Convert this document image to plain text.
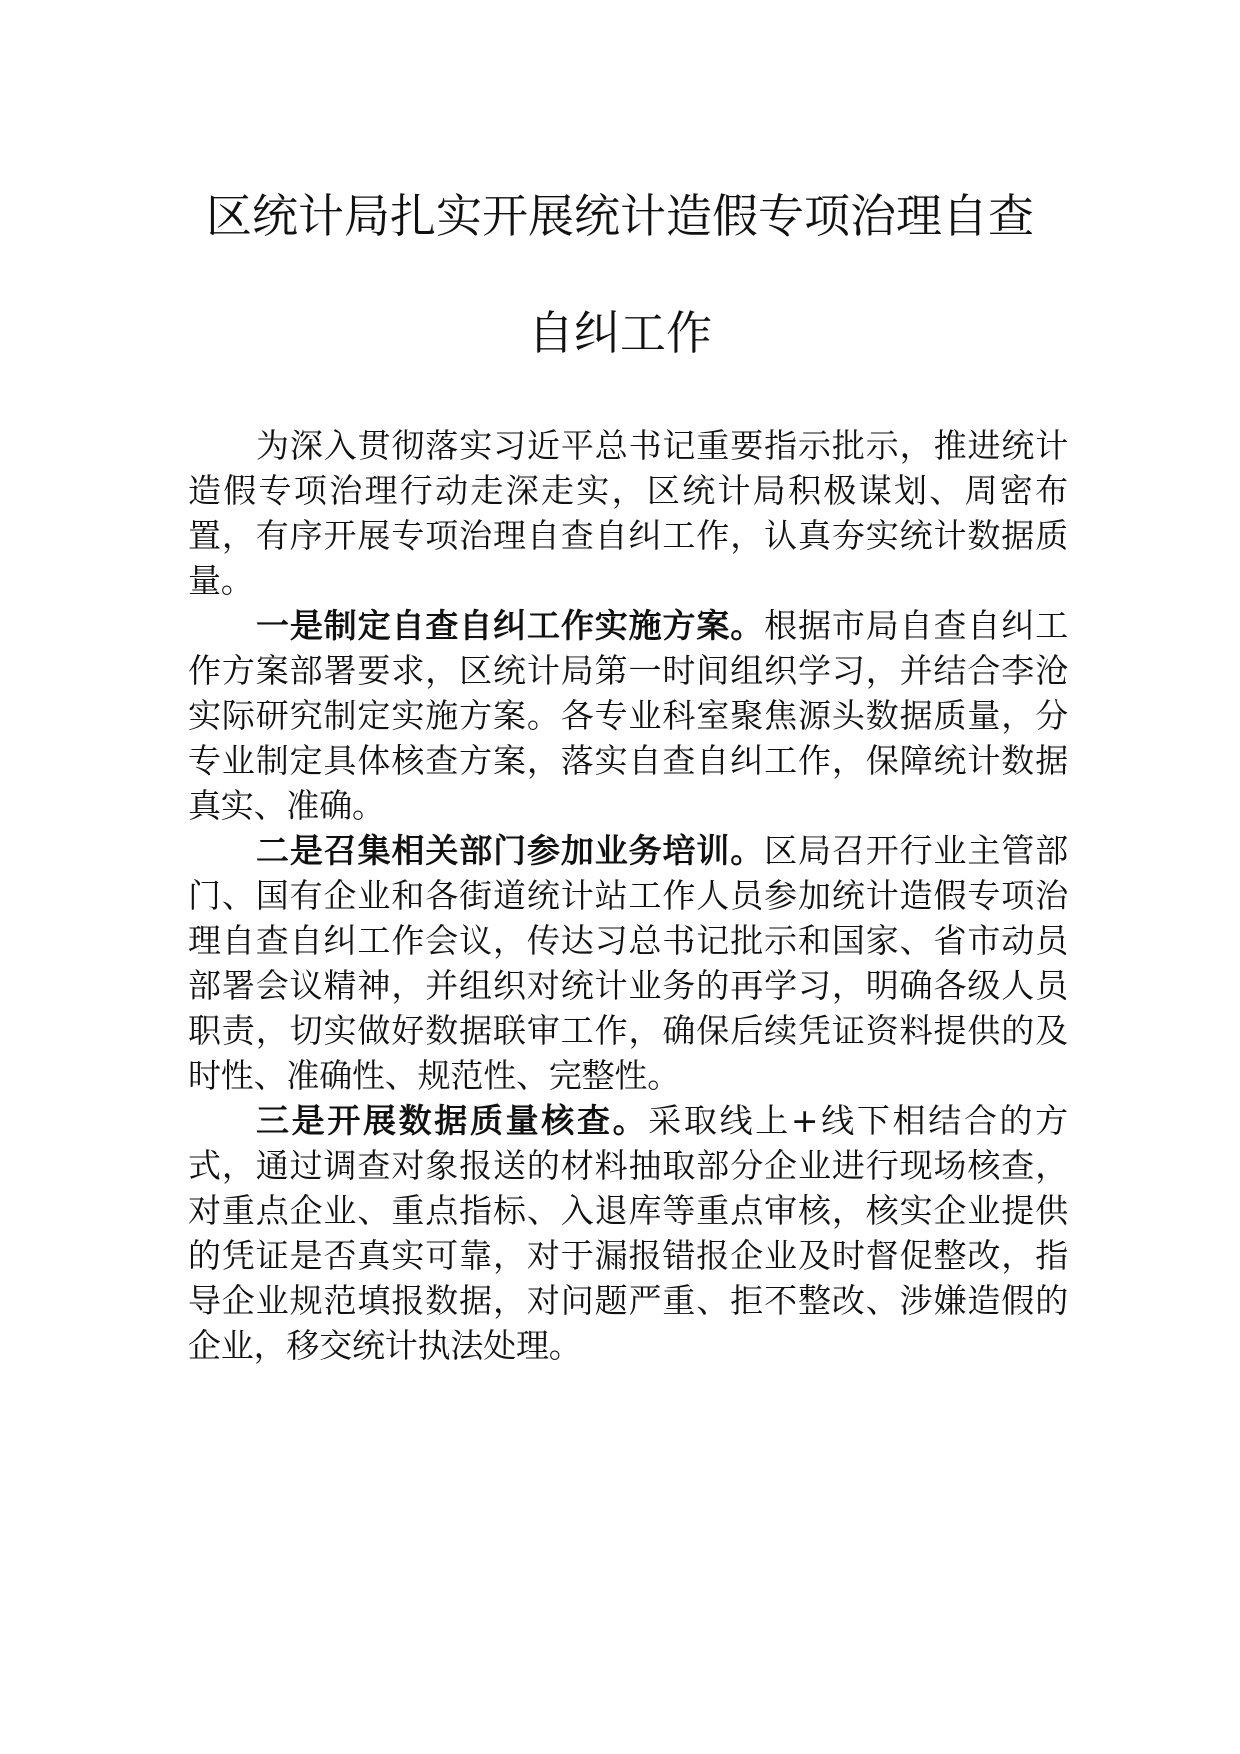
区统计局扎实开展统计造假专项治理自查
自纠工作

为深入贯彻落实习近平总书记重要指示批示，推进统计造假专项治理行动走深走实，区统计局积极谋划、周密布置，有序开展专项治理自查自纠工作，认真夯实统计数据质量。

一是制定自查自纠工作实施方案。根据市局自查自纠工作方案部署要求，区统计局第一时间组织学习，并结合李沧实际研究制定实施方案。各专业科室聚焦源头数据质量，分专业制定具体核查方案，落实自查自纠工作，保障统计数据真实、准确。

二是召集相关部门参加业务培训。区局召开行业主管部门、国有企业和各街道统计站工作人员参加统计造假专项治理自查自纠工作会议，传达习总书记批示和国家、省市动员部署会议精神，并组织对统计业务的再学习，明确各级人员职责，切实做好数据联审工作，确保后续凭证资料提供的及时性、准确性、规范性、完整性。

三是开展数据质量核查。采取线上+线下相结合的方式，通过调查对象报送的材料抽取部分企业进行现场核查，对重点企业、重点指标、入退库等重点审核，核实企业提供的凭证是否真实可靠，对于漏报错报企业及时督促整改，指导企业规范填报数据，对问题严重、拒不整改、涉嫌造假的企业，移交统计执法处理。
